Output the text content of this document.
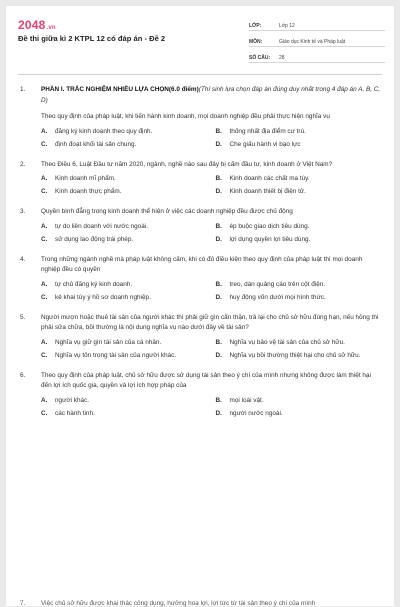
2048.vn
Đề thi giữa kì 2 KTPL 12 có đáp án - Đề 2
LỚP:	Lớp 12
MÔN:	Giáo dục Kinh tế và Pháp luật
SỐ CÂU:	28
1.	PHẦN I. TRẮC NGHIỆM NHIỀU LỰA CHỌN(6.0 điểm)(Thí sinh lựa chọn đáp án đúng duy nhất trong 4 đáp án A, B, C, D)
Theo quy định của pháp luật, khi tiến hành kinh doanh, mọi doanh nghiệp đều phải thực hiện nghĩa vụ
A.	đăng ký kinh doanh theo quy định.	B.	thống nhất địa điểm cư trú.
C.	định đoạt khối tài sản chung.	D.	Che giấu hành vi bạo lực
2.	Theo Điều 6, Luật Đầu tư năm 2020, ngành, nghề nào sau đây bị cấm đầu tư, kinh doanh ở Việt Nam?
A.	Kinh doanh mĩ phẩm.	B.	Kinh doanh các chất ma túy.
C.	Kinh doanh thực phẩm.	D.	Kinh doanh thiết bị điện tử.
3.	Quyền bình đẳng trong kinh doanh thể hiện ở việc các doanh nghiệp đều được chủ động
A.	tự do liên doanh với nước ngoài.	B.	ép buộc giao dịch tiêu dùng.
C.	sử dụng lao động trái phép.	D.	lợi dụng quyền lợi tiêu dùng.
4.	Trong những ngành nghề mà pháp luật không cấm, khi có đủ điều kiện theo quy định của pháp luật thì mọi doanh nghiệp đều có quyền
A.	tự chủ đăng ký kinh doanh.	B.	treo, dán quảng cáo trên cột điện.
C.	kê khai tùy ý hồ sơ doanh nghiệp.	D.	huy động vốn dưới mọi hình thức.
5.	Người mượn hoặc thuê tài sản của người khác thì phải giữ gìn cẩn thận, trả lại cho chủ sở hữu đúng hạn, nếu hỏng thì phải sửa chữa, bồi thường là nội dung nghĩa vụ nào dưới đây về tài sản?
A.	Nghĩa vụ giữ gìn tài sản của cá nhân.	B.	Nghĩa vụ bảo vệ tài sản của chủ sở hữu.
C.	Nghĩa vụ tôn trọng tài sản của người khác.	D.	Nghĩa vụ bồi thường thiệt hại cho chủ sở hữu.
6.	Theo quy định của pháp luật, chủ sở hữu được sử dụng tài sản theo ý chí của mình nhưng không được làm thiệt hại đến lợi ích quốc gia, quyền và lợi ích hợp pháp của
A.	người khác.	B.	mọi loài vật.
C.	các hành tinh.	D.	người nước ngoài.
7. Việc chủ sở hữu được khai thác công dụng, hưởng hoa lợi, lợi tức từ tài sản theo ý chí của mình
